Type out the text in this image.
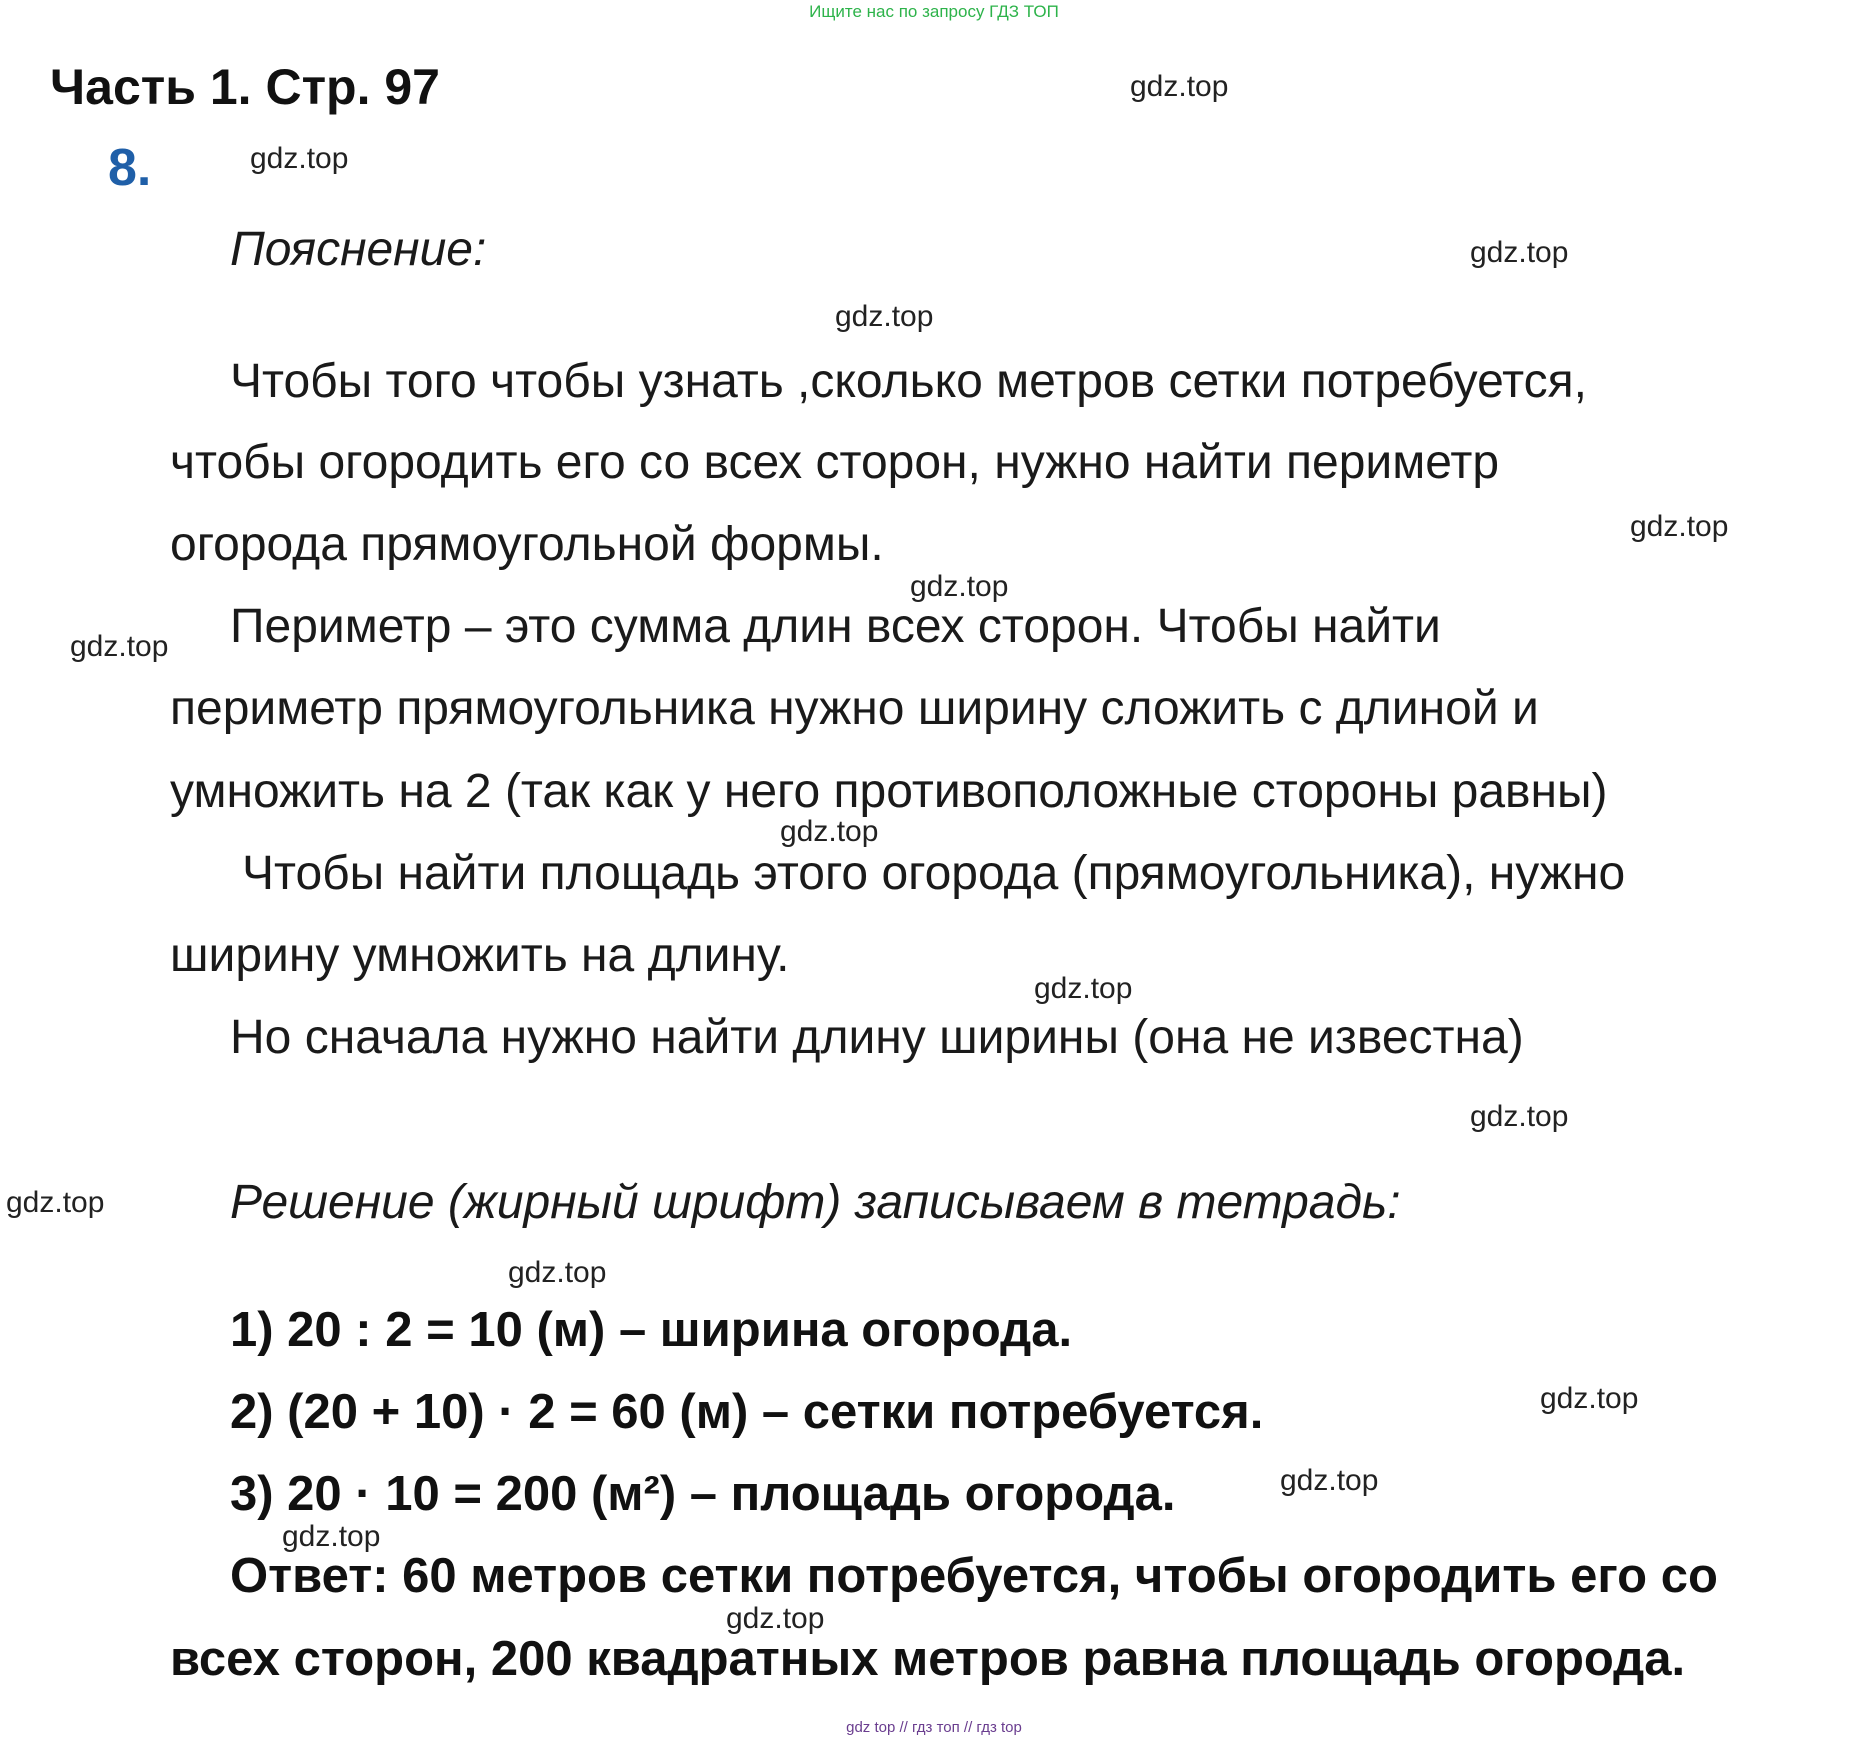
Ищите нас по запросу ГДЗ ТОП
Часть 1. Стр. 97
8.
Пояснение:
Чтобы того чтобы узнать ,сколько метров сетки потребуется,
чтобы огородить его со всех сторон, нужно найти периметр
огорода прямоугольной формы.
Периметр – это сумма длин всех сторон. Чтобы найти
периметр прямоугольника нужно ширину сложить с длиной и
умножить на 2 (так как у него противоположные стороны равны)
Чтобы найти площадь этого огорода (прямоугольника), нужно
ширину умножить на длину.
Но сначала нужно найти длину ширины (она не известна)
Решение (жирный шрифт) записываем в тетрадь:
1) 20 : 2 = 10 (м) – ширина огорода.
2) (20 + 10) · 2 = 60 (м) – сетки потребуется.
3) 20 · 10 = 200 (м²) – площадь огорода.
Ответ: 60 метров сетки потребуется, чтобы огородить его со
всех сторон, 200 квадратных метров равна площадь огорода.
gdz.top
gdz.top
gdz.top
gdz.top
gdz.top
gdz.top
gdz.top
gdz.top
gdz.top
gdz.top
gdz.top
gdz.top
gdz.top
gdz.top
gdz.top
gdz.top
gdz top // гдз топ // гдз top
